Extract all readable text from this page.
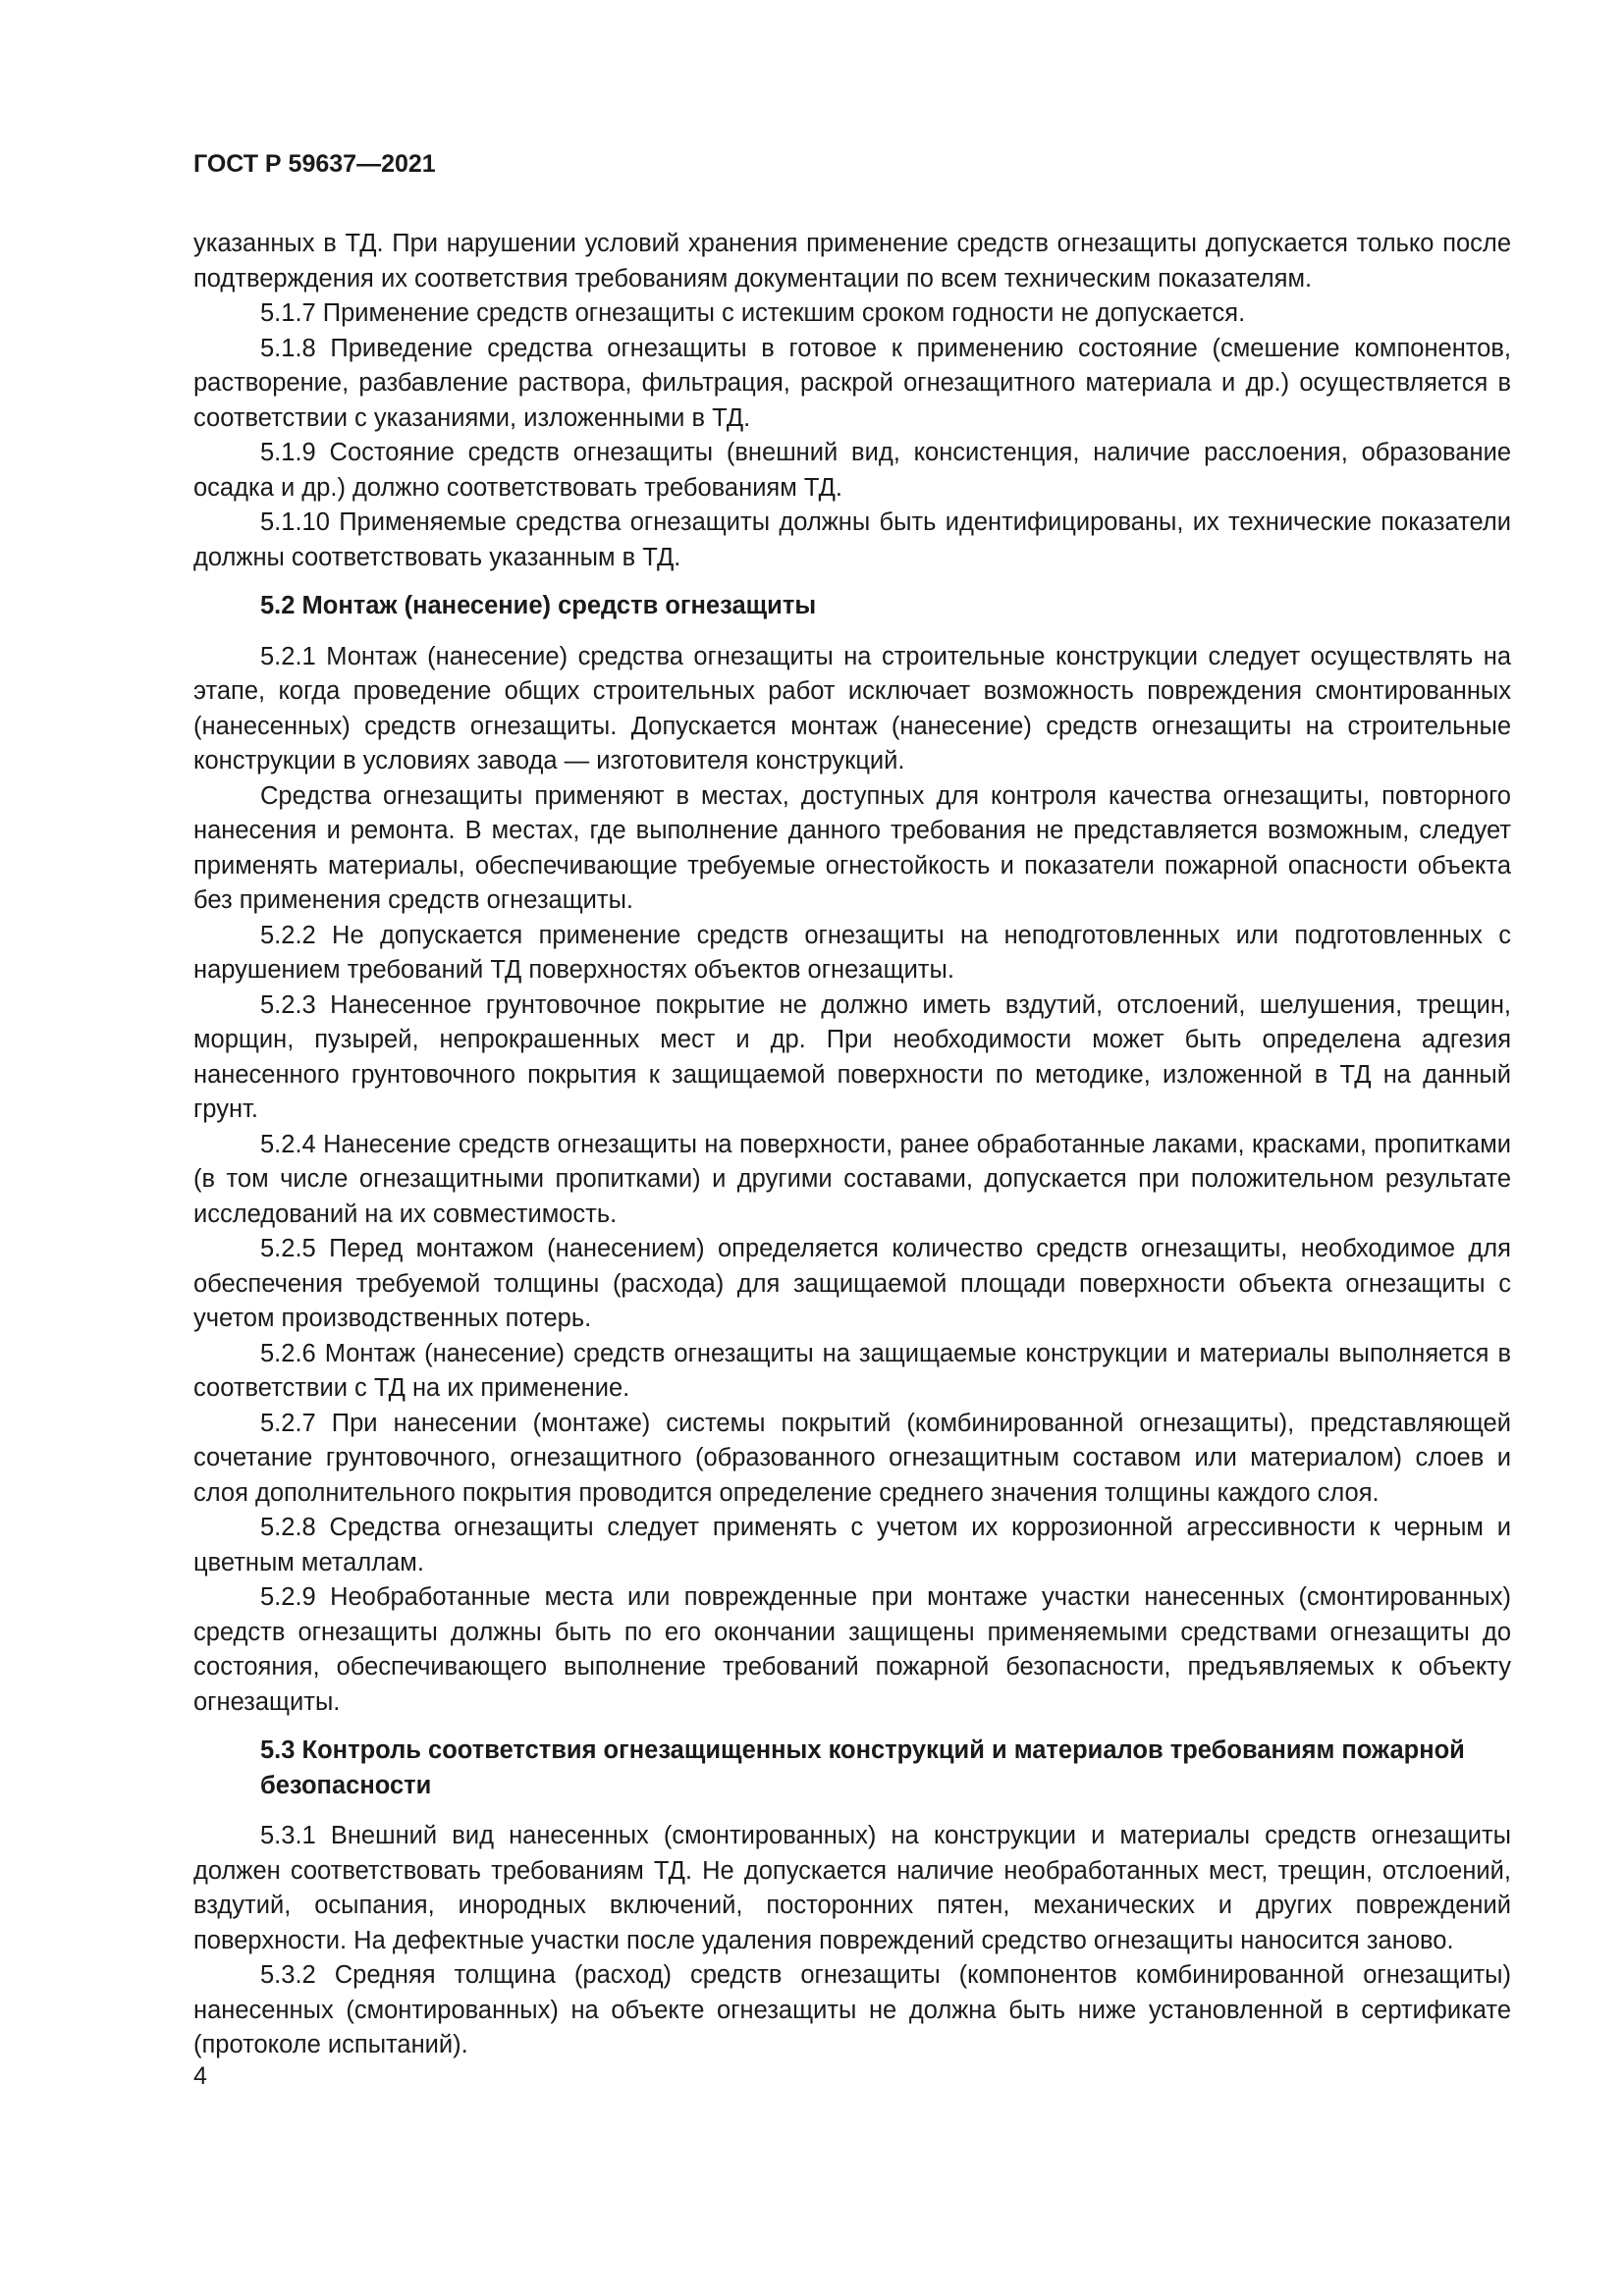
ГОСТ Р 59637—2021

указанных в ТД. При нарушении условий хранения применение средств огнезащиты допускается только после подтверждения их соответствия требованиям документации по всем техническим показателям.

5.1.7 Применение средств огнезащиты с истекшим сроком годности не допускается.

5.1.8 Приведение средства огнезащиты в готовое к применению состояние (смешение компонентов, растворение, разбавление раствора, фильтрация, раскрой огнезащитного материала и др.) осуществляется в соответствии с указаниями, изложенными в ТД.

5.1.9 Состояние средств огнезащиты (внешний вид, консистенция, наличие расслоения, образование осадка и др.) должно соответствовать требованиям ТД.

5.1.10 Применяемые средства огнезащиты должны быть идентифицированы, их технические показатели должны соответствовать указанным в ТД.

5.2 Монтаж (нанесение) средств огнезащиты

5.2.1 Монтаж (нанесение) средства огнезащиты на строительные конструкции следует осуществлять на этапе, когда проведение общих строительных работ исключает возможность повреждения смонтированных (нанесенных) средств огнезащиты. Допускается монтаж (нанесение) средств огнезащиты на строительные конструкции в условиях завода — изготовителя конструкций.

Средства огнезащиты применяют в местах, доступных для контроля качества огнезащиты, повторного нанесения и ремонта. В местах, где выполнение данного требования не представляется возможным, следует применять материалы, обеспечивающие требуемые огнестойкость и показатели пожарной опасности объекта без применения средств огнезащиты.

5.2.2 Не допускается применение средств огнезащиты на неподготовленных или подготовленных с нарушением требований ТД поверхностях объектов огнезащиты.

5.2.3 Нанесенное грунтовочное покрытие не должно иметь вздутий, отслоений, шелушения, трещин, морщин, пузырей, непрокрашенных мест и др. При необходимости может быть определена адгезия нанесенного грунтовочного покрытия к защищаемой поверхности по методике, изложенной в ТД на данный грунт.

5.2.4 Нанесение средств огнезащиты на поверхности, ранее обработанные лаками, красками, пропитками (в том числе огнезащитными пропитками) и другими составами, допускается при положительном результате исследований на их совместимость.

5.2.5 Перед монтажом (нанесением) определяется количество средств огнезащиты, необходимое для обеспечения требуемой толщины (расхода) для защищаемой площади поверхности объекта огнезащиты с учетом производственных потерь.

5.2.6 Монтаж (нанесение) средств огнезащиты на защищаемые конструкции и материалы выполняется в соответствии с ТД на их применение.

5.2.7 При нанесении (монтаже) системы покрытий (комбинированной огнезащиты), представляющей сочетание грунтовочного, огнезащитного (образованного огнезащитным составом или материалом) слоев и слоя дополнительного покрытия проводится определение среднего значения толщины каждого слоя.

5.2.8 Средства огнезащиты следует применять с учетом их коррозионной агрессивности к черным и цветным металлам.

5.2.9 Необработанные места или поврежденные при монтаже участки нанесенных (смонтированных) средств огнезащиты должны быть по его окончании защищены применяемыми средствами огнезащиты до состояния, обеспечивающего выполнение требований пожарной безопасности, предъявляемых к объекту огнезащиты.

5.3 Контроль соответствия огнезащищенных конструкций и материалов требованиям пожарной безопасности

5.3.1 Внешний вид нанесенных (смонтированных) на конструкции и материалы средств огнезащиты должен соответствовать требованиям ТД. Не допускается наличие необработанных мест, трещин, отслоений, вздутий, осыпания, инородных включений, посторонних пятен, механических и других повреждений поверхности. На дефектные участки после удаления повреждений средство огнезащиты наносится заново.

5.3.2 Средняя толщина (расход) средств огнезащиты (компонентов комбинированной огнезащиты) нанесенных (смонтированных) на объекте огнезащиты не должна быть ниже установленной в сертификате (протоколе испытаний).

4
